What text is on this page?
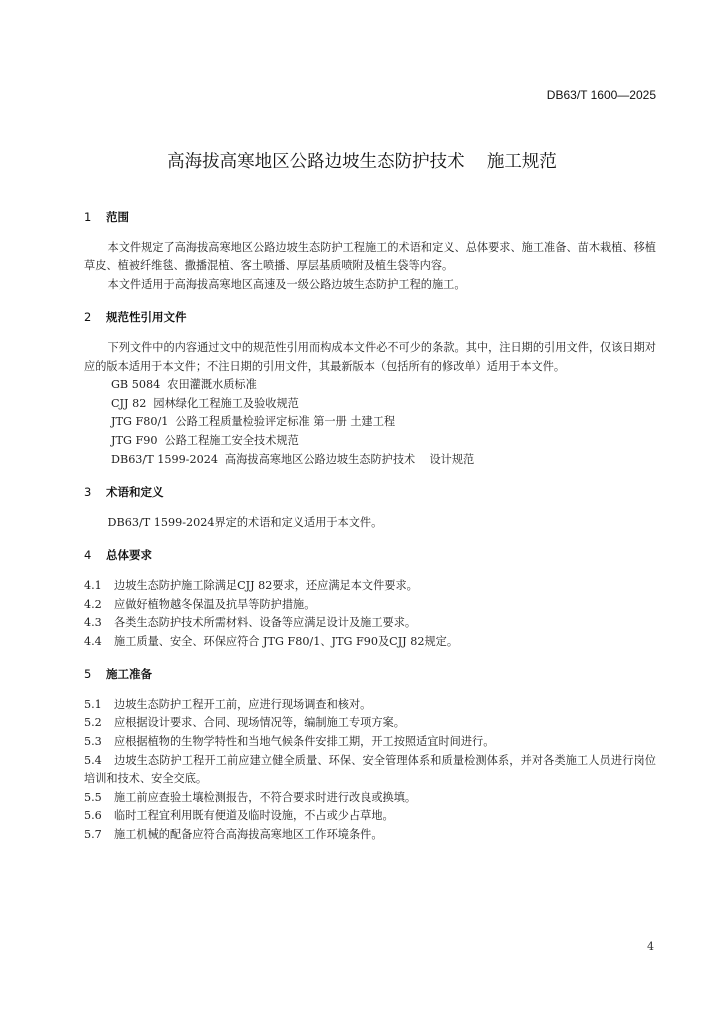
DB63/T 1600—2025
高海拔高寒地区公路边坡生态防护技术    施工规范
1 范围

本文件规定了高海拔高寒地区公路边坡生态防护工程施工的术语和定义、总体要求、施工准备、苗木栽植、移植草皮、植被纤维毯、撒播混植、客土喷播、厚层基质喷附及植生袋等内容。

本文件适用于高海拔高寒地区高速及一级公路边坡生态防护工程的施工。

2 规范性引用文件

下列文件中的内容通过文中的规范性引用而构成本文件必不可少的条款。其中，注日期的引用文件，仅该日期对应的版本适用于本文件；不注日期的引用文件，其最新版本（包括所有的修改单）适用于本文件。

GB 5084  农田灌溉水质标准

CJJ 82  园林绿化工程施工及验收规范

JTG F80/1  公路工程质量检验评定标准 第一册 土建工程

JTG F90  公路工程施工安全技术规范

DB63/T 1599-2024  高海拔高寒地区公路边坡生态防护技术    设计规范

3 术语和定义

DB63/T 1599-2024界定的术语和定义适用于本文件。

4 总体要求

4.1 边坡生态防护施工除满足CJJ 82要求，还应满足本文件要求。

4.2 应做好植物越冬保温及抗旱等防护措施。

4.3 各类生态防护技术所需材料、设备等应满足设计及施工要求。

4.4 施工质量、安全、环保应符合 JTG F80/1、JTG F90及CJJ 82规定。

5 施工准备

5.1 边坡生态防护工程开工前，应进行现场调查和核对。

5.2 应根据设计要求、合同、现场情况等，编制施工专项方案。

5.3 应根据植物的生物学特性和当地气候条件安排工期，开工按照适宜时间进行。

5.4 边坡生态防护工程开工前应建立健全质量、环保、安全管理体系和质量检测体系，并对各类施工人员进行岗位培训和技术、安全交底。

5.5 施工前应查验土壤检测报告，不符合要求时进行改良或换填。

5.6 临时工程宜利用既有便道及临时设施，不占或少占草地。

5.7 施工机械的配备应符合高海拔高寒地区工作环境条件。

4
